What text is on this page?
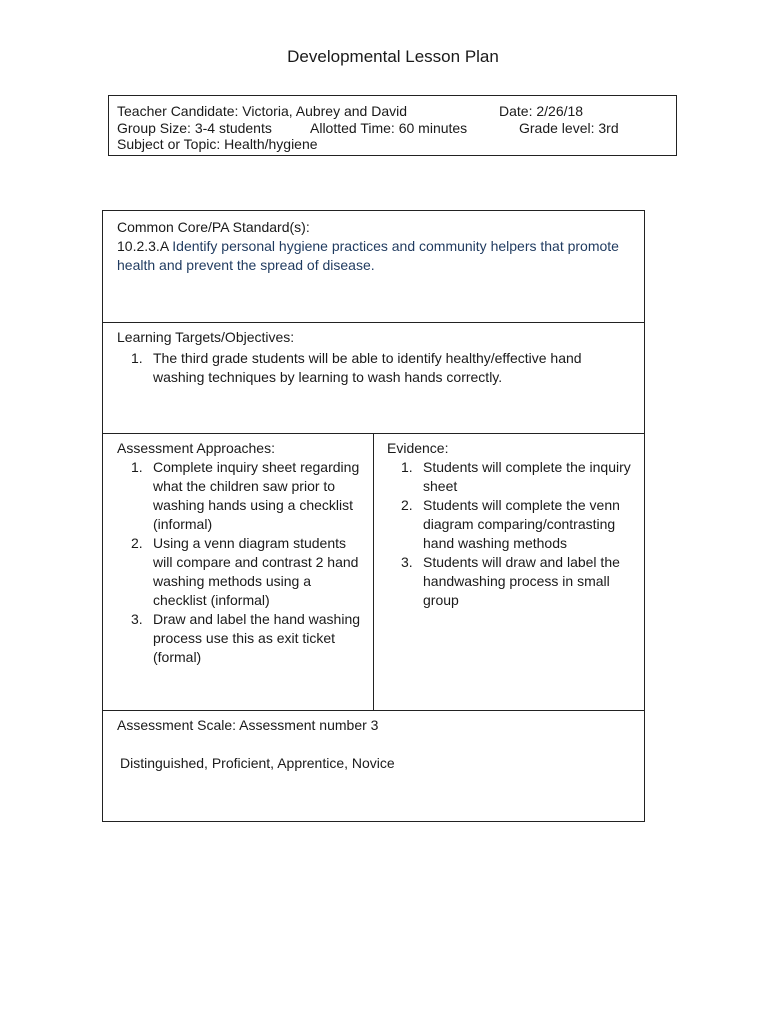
Developmental Lesson Plan
Teacher Candidate: Victoria, Aubrey and David	Date: 2/26/18
Group Size: 3-4 students	Allotted Time: 60 minutes	Grade level: 3rd
Subject or Topic: Health/hygiene
Common Core/PA Standard(s):
10.2.3.A Identify personal hygiene practices and community helpers that promote
health and prevent the spread of disease.
Learning Targets/Objectives:
1. The third grade students will be able to identify healthy/effective hand
washing techniques by learning to wash hands correctly.
Assessment Approaches:
1. Complete inquiry sheet regarding
what the children saw prior to
washing hands using a checklist
(informal)
2. Using a venn diagram students
will compare and contrast 2 hand
washing methods using a
checklist (informal)
3. Draw and label the hand washing
process use this as exit ticket
(formal)
Evidence:
1. Students will complete the inquiry
sheet
2. Students will complete the venn
diagram comparing/contrasting
hand washing methods
3. Students will draw and label the
handwashing process in small
group
Assessment Scale: Assessment number 3
Distinguished, Proficient, Apprentice, Novice
